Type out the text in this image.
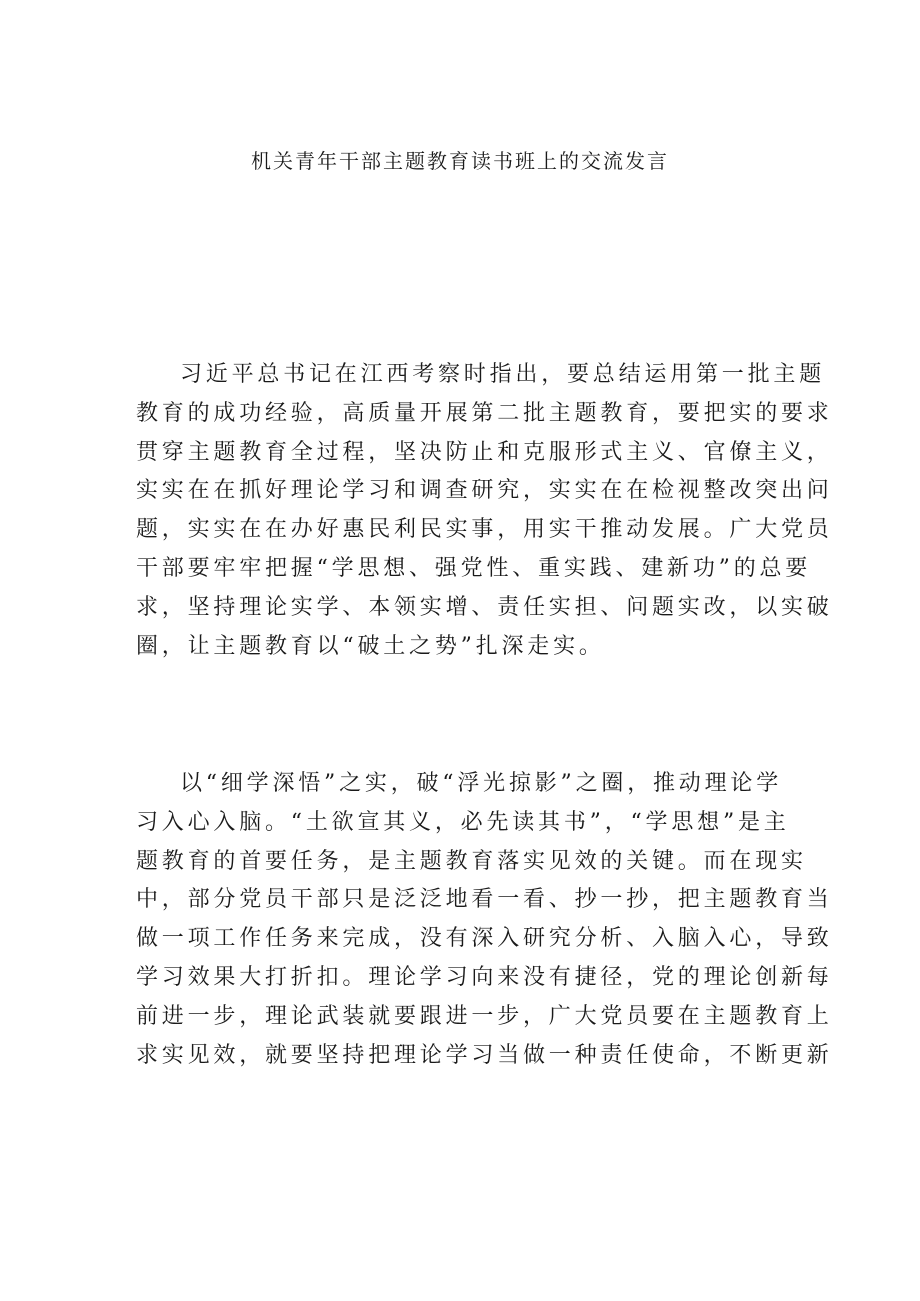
机关青年干部主题教育读书班上的交流发言
习近平总书记在江西考察时指出，要总结运用第一批主题
教育的成功经验，高质量开展第二批主题教育，要把实的要求
贯穿主题教育全过程，坚决防止和克服形式主义、官僚主义，
实实在在抓好理论学习和调查研究，实实在在检视整改突出问
题，实实在在办好惠民利民实事，用实干推动发展。广大党员
干部要牢牢把握“学思想、强党性、重实践、建新功”的总要
求，坚持理论实学、本领实增、责任实担、问题实改，以实破
圈，让主题教育以“破土之势”扎深走实。
以“细学深悟”之实，破“浮光掠影”之圈，推动理论学
习入心入脑。“土欲宣其义，必先读其书”，“学思想”是主
题教育的首要任务，是主题教育落实见效的关键。而在现实
中，部分党员干部只是泛泛地看一看、抄一抄，把主题教育当
做一项工作任务来完成，没有深入研究分析、入脑入心，导致
学习效果大打折扣。理论学习向来没有捷径，党的理论创新每
前进一步，理论武装就要跟进一步，广大党员要在主题教育上
求实见效，就要坚持把理论学习当做一种责任使命，不断更新
